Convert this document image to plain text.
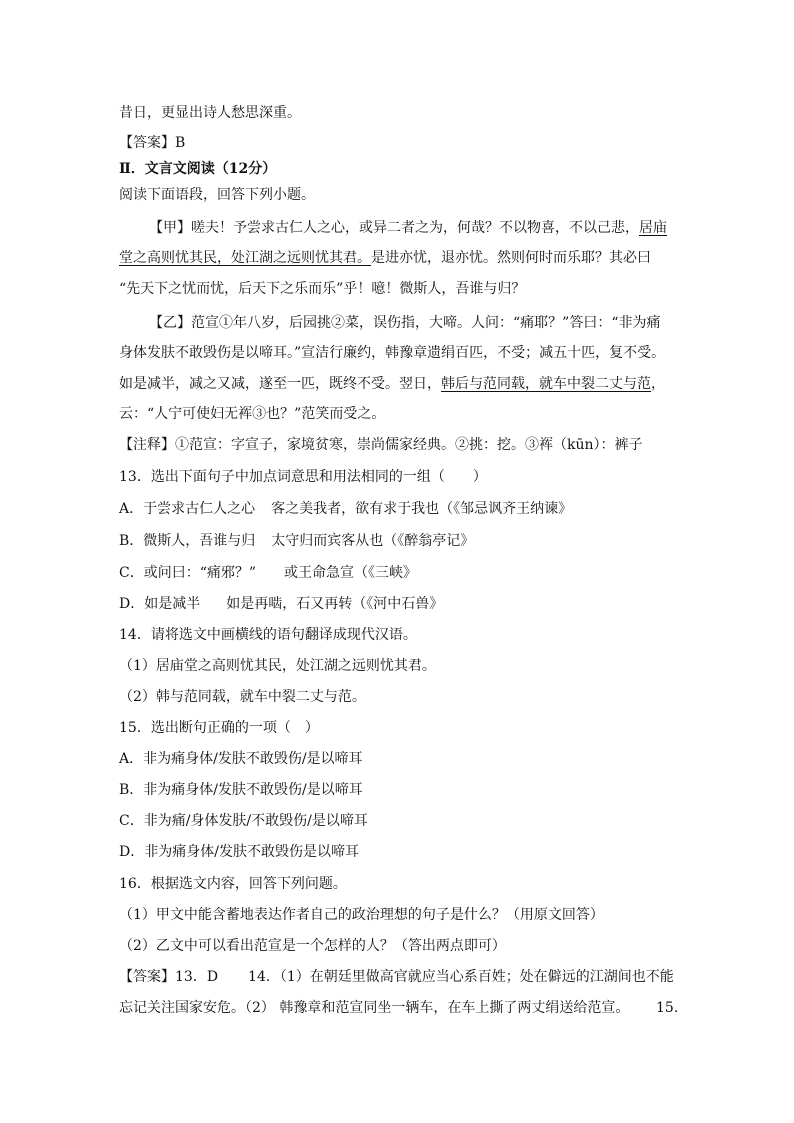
昔日，更显出诗人愁思深重。
【答案】B
Ⅱ．文言文阅读（12分）
阅读下面语段，回答下列小题。
【甲】嗟夫！予尝求古仁人之心，或异二者之为，何哉？不以物喜，不以己悲，居庙
堂之高则忧其民，处江湖之远则忧其君。是进亦忧，退亦忧。然则何时而乐耶？其必曰
“先天下之忧而忧，后天下之乐而乐”乎！噫！微斯人，吾谁与归？
【乙】范宣①年八岁，后园挑②菜，误伤指，大啼。人问：“痛耶？”答曰：“非为痛
身体发肤不敢毁伤是以啼耳。”宣洁行廉约，韩豫章遗绢百匹，不受；减五十匹，复不受。
如是减半，减之又减，遂至一匹，既终不受。翌日，韩后与范同载，就车中裂二丈与范，
云：“人宁可使妇无裈③也？”范笑而受之。
【注释】①范宣：字宣子，家境贫寒，崇尚儒家经典。②挑：挖。③裈（kūn）：裤子
13．选出下面句子中加点词意思和用法相同的一组（　　）
A．于尝求古仁人之心 客之美我者，欲有求于我也（《邹忌讽齐王纳谏》
B．微斯人，吾谁与归 太守归而宾客从也（《醉翁亭记》
C．或问曰：“痛邪？” 或王命急宣（《三峡》
D．如是减半 如是再啮，石又再转（《河中石兽》
14．请将选文中画横线的语句翻译成现代汉语。
（1）居庙堂之高则忧其民，处江湖之远则忧其君。
（2）韩与范同载，就车中裂二丈与范。
15．选出断句正确的一项（　）
A．非为痛身体/发肤不敢毁伤/是以啼耳
B．非为痛身体/发肤不敢毁伤/是以啼耳
C．非为痛/身体发肤/不敢毁伤/是以啼耳
D．非为痛身体/发肤不敢毁伤是以啼耳
16．根据选文内容，回答下列问题。
（1）甲文中能含蓄地表达作者自己的政治理想的句子是什么？（用原文回答）
（2）乙文中可以看出范宣是一个怎样的人？（答出两点即可）
【答案】13．D 14．（1）在朝廷里做高官就应当心系百姓；处在僻远的江湖间也不能
忘记关注国家安危。（2） 韩豫章和范宣同坐一辆车，在车上撕了两丈绢送给范宣。 15.
